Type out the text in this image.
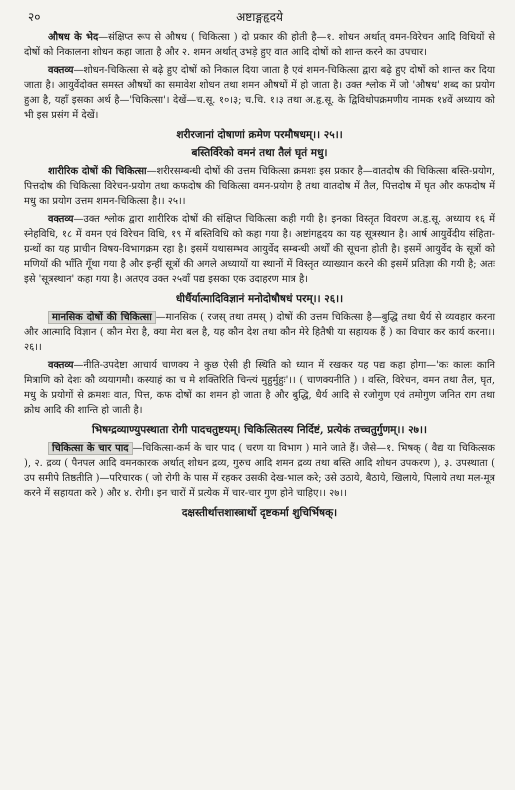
२०	अष्टाङ्गहृदये

औषध के भेद—संक्षिप्त रूप से औषध ( चिकित्सा ) दो प्रकार की होती है—१. शोधन अर्थात् वमन-विरेचन आदि विधियों से दोषों को निकालना शोधन कहा जाता है और २. शमन अर्थात् उभड़े हुए वात आदि दोषों को शान्त करने का उपचार।

वक्तव्य—शोधन-चिकित्सा से बढ़े हुए दोषों को निकाल दिया जाता है एवं शमन-चिकित्सा द्वारा बढ़े हुए दोषों को शान्त कर दिया जाता है। आयुर्वेदोक्त समस्त औषधों का समावेश शोधन तथा शमन औषधों में हो जाता है। उक्त श्लोक में जो 'औषध' शब्द का प्रयोग हुआ है, यहाँ इसका अर्थ है—'चिकित्सा'। देखें—च.सू. १०।३; च.चि. १।३ तथा अ.हृ.सू. के द्विविधोपक्रमणीय नामक १४वें अध्याय को भी इस प्रसंग में देखें।

शरीरजानां दोषाणां क्रमेण परमौषधम्।। २५।।
बस्तिर्विरेको वमनं तथा तैलं घृतं मधु।

शारीरिक दोषों की चिकित्सा—शरीरसम्बन्धी दोषों की उत्तम चिकित्सा क्रमशः इस प्रकार है—वातदोष की चिकित्सा बस्ति-प्रयोग, पित्तदोष की चिकित्सा विरेचन-प्रयोग तथा कफदोष की चिकित्सा वमन-प्रयोग है तथा वातदोष में तैल, पित्तदोष में घृत और कफदोष में मधु का प्रयोग उत्तम शमन-चिकित्सा है।। २५।।

वक्तव्य—उक्त श्लोक द्वारा शारीरिक दोषों की संक्षिप्त चिकित्सा कही गयी है। इनका विस्तृत विवरण अ.हृ.सू. अध्याय १६ में स्नेहविधि, १८ में वमन एवं विरेचन विधि, १९ में बस्तिविधि को कहा गया है। अष्टांगहृदय का यह सूत्रस्थान है। आर्ष आयुर्वेदीय संहिता-ग्रन्थों का यह प्राचीन विषय-विभागक्रम रहा है। इसमें यथासम्भव आयुर्वेद सम्बन्धी अर्थों की सूचना होती है। इसमें आयुर्वेद के सूत्रों को मणियों की भाँति गूँथा गया है और इन्हीं सूत्रों की अगले अध्यायों या स्थानों में विस्तृत व्याख्यान करने की इसमें प्रतिज्ञा की गयी है; अतः इसे 'सूत्रस्थान' कहा गया है। अतएव उक्त २५वाँ पद्य इसका एक उदाहरण मात्र है।

धीर्धैर्यात्मादिविज्ञानं मनोदोषौषधं परम्।। २६।।

मानसिक दोषों की चिकित्सा —मानसिक ( रजस् तथा तमस् ) दोषों की उत्तम चिकित्सा है—बुद्धि तथा धैर्य से व्यवहार करना और आत्मादि विज्ञान ( कौन मेरा है, क्या मेरा बल है, यह कौन देश तथा कौन मेरे हितैषी या सहायक हैं ) का विचार कर कार्य करना।। २६।।

वक्तव्य—नीति-उपदेष्टा आचार्य चाणक्य ने कुछ ऐसी ही स्थिति को ध्यान में रखकर यह पद्य कहा होगा—'कः कालः कानि मित्राणि को देशः कौ व्ययागमौ। कस्याहं का च मे शक्तिरिति चिन्त्यं मुहुर्मुहुः'।। ( चाणक्यनीति ) । वस्ति, विरेचन, वमन तथा तैल, घृत, मधु के प्रयोगों से क्रमशः वात, पित्त, कफ दोषों का शमन हो जाता है और बुद्धि, धैर्य आदि से रजोगुण एवं तमोगुण जनित राग तथा क्रोध आदि की शान्ति हो जाती है।

भिषग्द्रव्याण्युपस्थाता रोगी पादचतुष्टयम्। चिकित्सितस्य निर्दिष्टं, प्रत्येकं तच्चतुर्गुणम्।। २७।।

चिकित्सा के चार पाद —चिकित्सा-कर्म के चार पाद ( चरण या विभाग ) माने जाते हैं। जैसे—१. भिषक् ( वैद्य या चिकित्सक ), २. द्रव्य ( पैनपल आदि वमनकारक अर्थात् शोधन द्रव्य, गुरुच आदि शमन द्रव्य तथा बस्ति आदि शोधन उपकरण ), ३. उपस्थाता ( उप समीपे तिष्ठतीति )—परिचारक ( जो रोगी के पास में रहकर उसकी देख-भाल करे; उसे उठाये, बैठाये, खिलाये, पिलाये तथा मल-मूत्र करने में सहायता करे ) और ४. रोगी। इन चारों में प्रत्येक में चार-चार गुण होने चाहिए।। २७।।

दक्षस्तीर्थात्तशास्त्रार्थो दृष्टकर्मा शुचिर्भिषक्।
